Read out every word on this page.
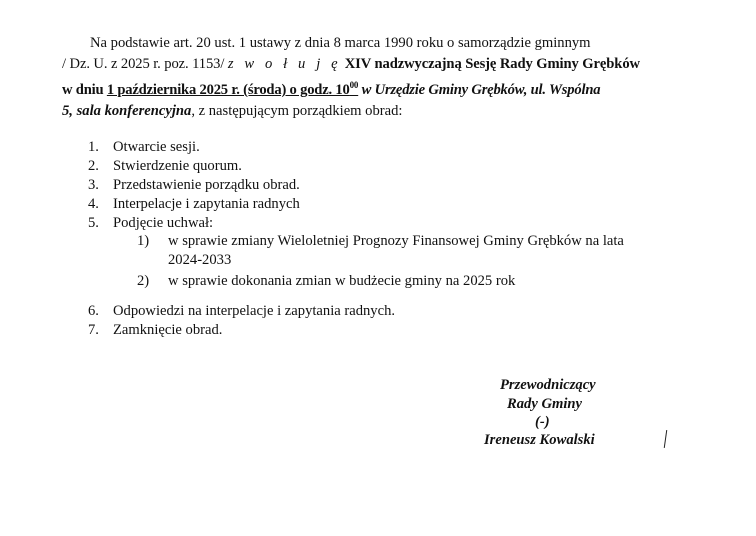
Na podstawie art. 20 ust. 1 ustawy z dnia 8 marca 1990 roku o samorządzie gminnym
/ Dz. U. z 2025 r. poz. 1153/ z w o ł u j ę XIV nadzwyczajną Sesję Rady Gminy Grębków
w dniu 1 października 2025 r. (środa) o godz. $10^{00}$ w Urzędzie Gminy Grębków, ul. Wspólna
5, sala konferencyjna, z następującym porządkiem obrad:
1. Otwarcie sesji.
2. Stwierdzenie quorum.
3. Przedstawienie porządku obrad.
4. Interpelacje i zapytania radnych
5. Podjęcie uchwał:
1) w sprawie zmiany Wieloletniej Prognozy Finansowej Gminy Grębków na lata
2024-2033
2) w sprawie dokonania zmian w budżecie gminy na 2025 rok
6. Odpowiedzi na interpelacje i zapytania radnych.
7. Zamknięcie obrad.
Przewodniczący
Rady Gminy
(-)
Ireneusz Kowalski
